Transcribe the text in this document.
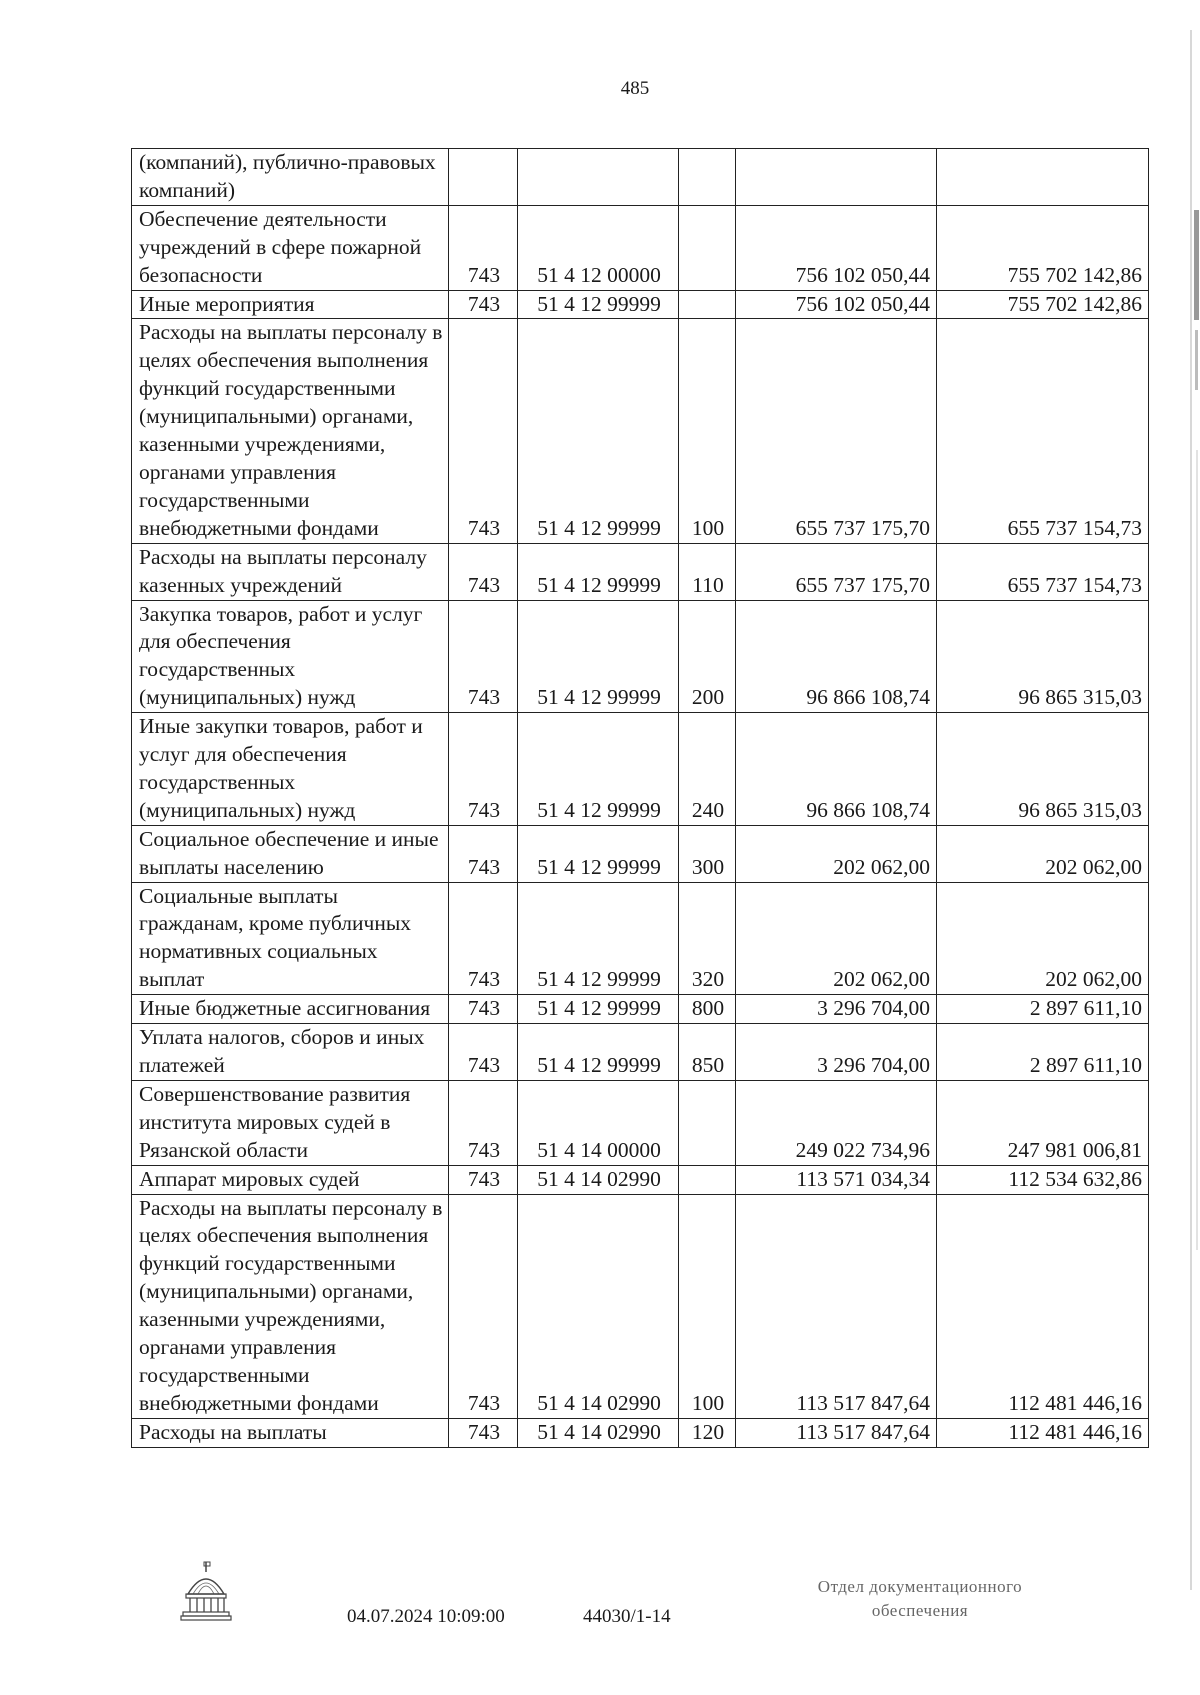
485
(компаний), публично-правовых компаний)					
Обеспечение деятельности учреждений в сфере пожарной безопасности	743	51 4 12 00000		756 102 050,44	755 702 142,86
Иные мероприятия	743	51 4 12 99999		756 102 050,44	755 702 142,86
Расходы на выплаты персоналу в целях обеспечения выполнения функций государственными (муниципальными) органами, казенными учреждениями, органами управления государственными внебюджетными фондами	743	51 4 12 99999	100	655 737 175,70	655 737 154,73
Расходы на выплаты персоналу казенных учреждений	743	51 4 12 99999	110	655 737 175,70	655 737 154,73
Закупка товаров, работ и услуг для обеспечения государственных (муниципальных) нужд	743	51 4 12 99999	200	96 866 108,74	96 865 315,03
Иные закупки товаров, работ и услуг для обеспечения государственных (муниципальных) нужд	743	51 4 12 99999	240	96 866 108,74	96 865 315,03
Социальное обеспечение и иные выплаты населению	743	51 4 12 99999	300	202 062,00	202 062,00
Социальные выплаты гражданам, кроме публичных нормативных социальных выплат	743	51 4 12 99999	320	202 062,00	202 062,00
Иные бюджетные ассигнования	743	51 4 12 99999	800	3 296 704,00	2 897 611,10
Уплата налогов, сборов и иных платежей	743	51 4 12 99999	850	3 296 704,00	2 897 611,10
Совершенствование развития института мировых судей в Рязанской области	743	51 4 14 00000		249 022 734,96	247 981 006,81
Аппарат мировых судей	743	51 4 14 02990		113 571 034,34	112 534 632,86
Расходы на выплаты персоналу в целях обеспечения выполнения функций государственными (муниципальными) органами, казенными учреждениями, органами управления государственными внебюджетными фондами	743	51 4 14 02990	100	113 517 847,64	112 481 446,16
Расходы на выплаты	743	51 4 14 02990	120	113 517 847,64	112 481 446,16
04.07.2024 10:09:00	44030/1-14
Отдел документационного
обеспечения
